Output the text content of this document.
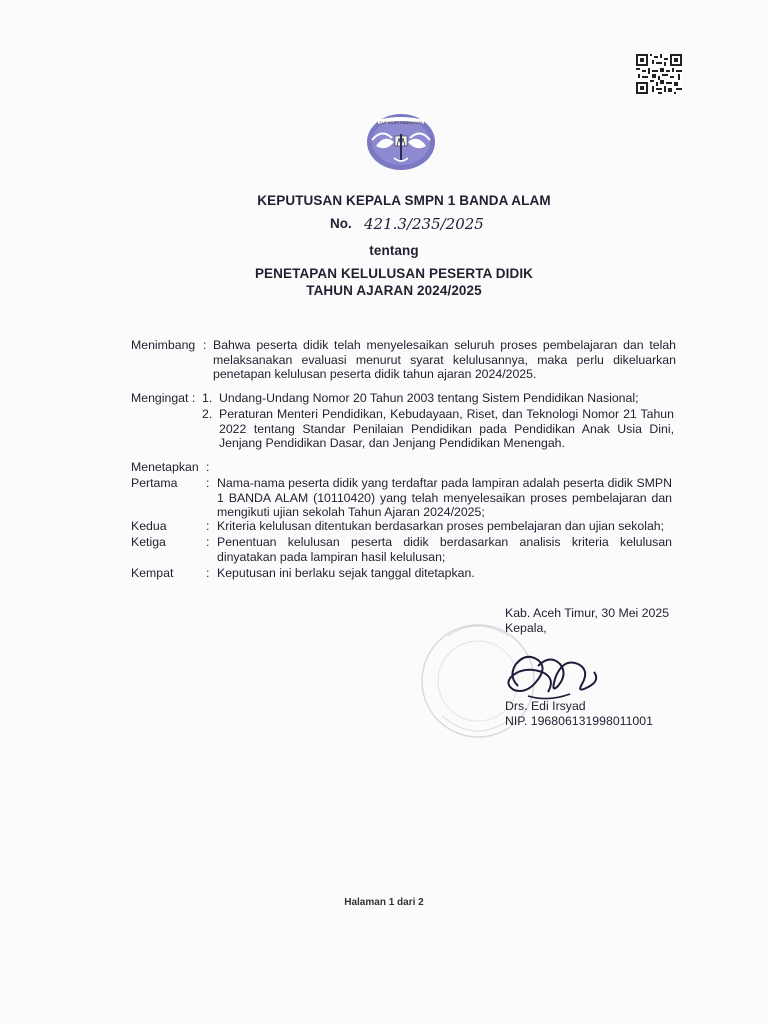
TUT WURI HANDAYANI
KEPUTUSAN KEPALA SMPN 1 BANDA ALAM
No. 421.3/235/2025
tentang
PENETAPAN KELULUSAN PESERTA DIDIK
TAHUN AJARAN 2024/2025
Menimbang : Bahwa peserta didik telah menyelesaikan seluruh proses pembelajaran dan telah
melaksanakan evaluasi menurut syarat kelulusannya, maka perlu dikeluarkan
penetapan kelulusan peserta didik tahun ajaran 2024/2025.
Mengingat : 1. Undang-Undang Nomor 20 Tahun 2003 tentang Sistem Pendidikan Nasional;
2. Peraturan Menteri Pendidikan, Kebudayaan, Riset, dan Teknologi Nomor 21 Tahun
2022 tentang Standar Penilaian Pendidikan pada Pendidikan Anak Usia Dini,
Jenjang Pendidikan Dasar, dan Jenjang Pendidikan Menengah.
Menetapkan :
Pertama : Nama-nama peserta didik yang terdaftar pada lampiran adalah peserta didik SMPN
1 BANDA ALAM (10110420) yang telah menyelesaikan proses pembelajaran dan
mengikuti ujian sekolah Tahun Ajaran 2024/2025;
Kedua	: Kriteria kelulusan ditentukan berdasarkan proses pembelajaran dan ujian sekolah;
Ketiga	: Penentuan kelulusan peserta didik berdasarkan analisis kriteria kelulusan
dinyatakan pada lampiran hasil kelulusan;
Kempat	: Keputusan ini berlaku sejak tanggal ditetapkan.
Kab. Aceh Timur, 30 Mei 2025
Kepala,
Drs. Edi Irsyad
NIP. 196806131998011001
Halaman 1 dari 2
